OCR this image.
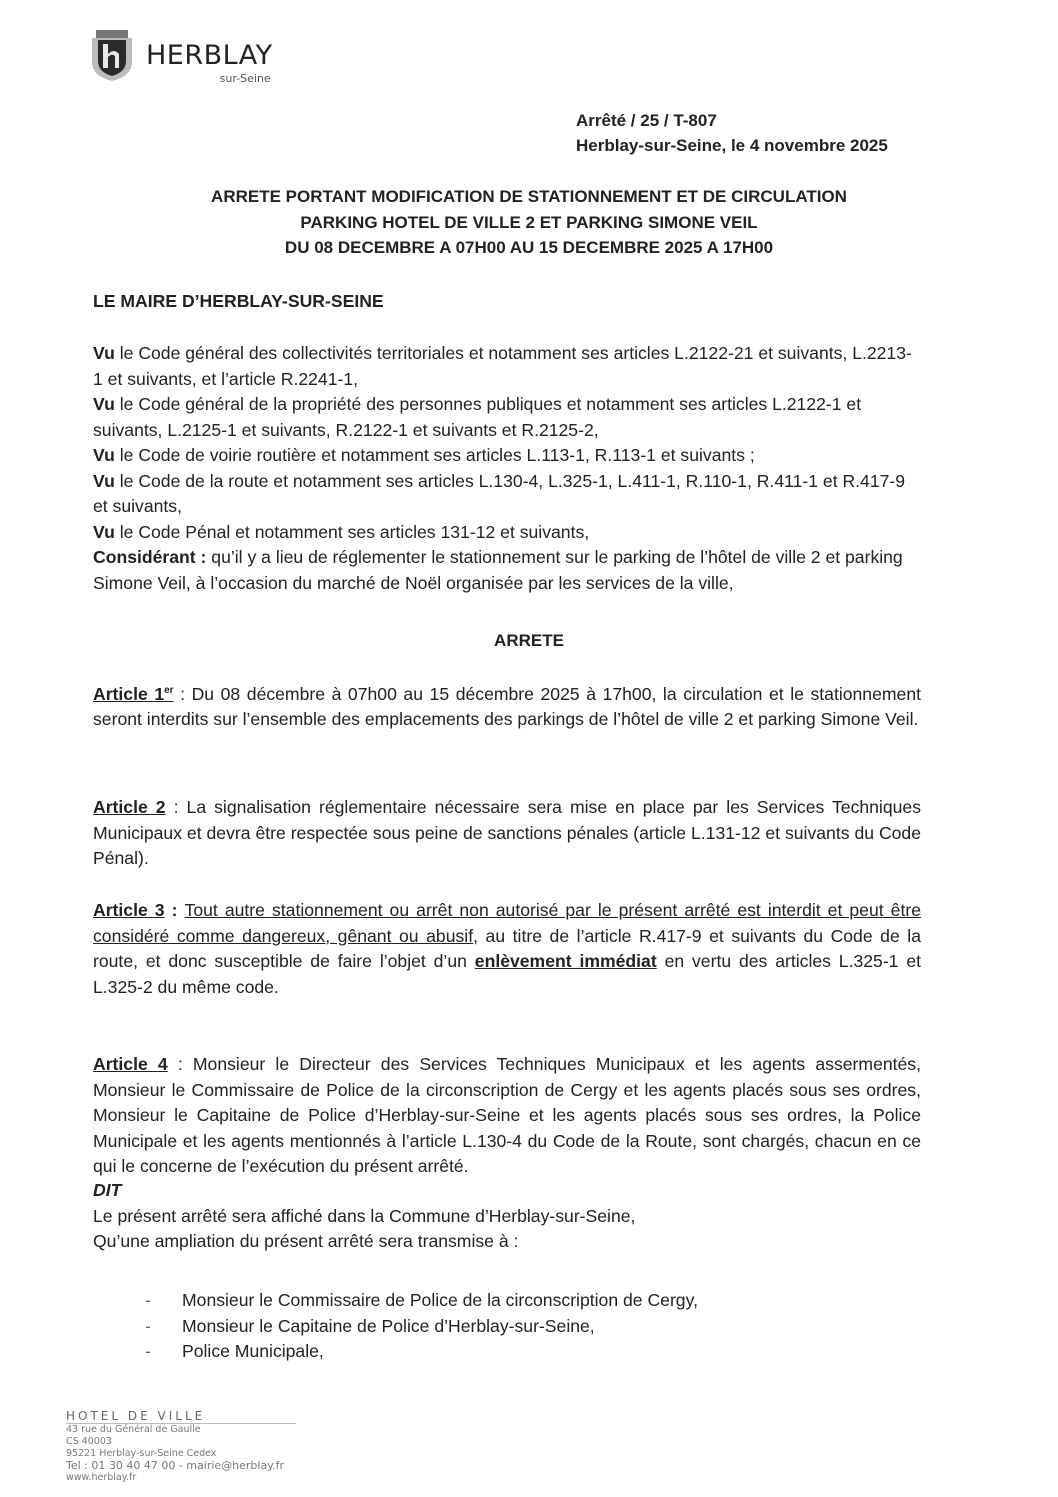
HERBLAY
sur-Seine
Arrêté / 25 / T-807
Herblay-sur-Seine, le 4 novembre 2025
ARRETE PORTANT MODIFICATION DE STATIONNEMENT ET DE CIRCULATION
PARKING HOTEL DE VILLE 2 ET PARKING SIMONE VEIL
DU 08 DECEMBRE A 07H00 AU 15 DECEMBRE 2025 A 17H00
LE MAIRE D’HERBLAY-SUR-SEINE

Vu le Code général des collectivités territoriales et notamment ses articles L.2122-21 et suivants, L.2213-1 et suivants, et l’article R.2241-1,

Vu le Code général de la propriété des personnes publiques et notamment ses articles L.2122-1 et suivants, L.2125-1 et suivants, R.2122-1 et suivants et R.2125-2,

Vu le Code de voirie routière et notamment ses articles L.113-1, R.113-1 et suivants ;

Vu le Code de la route et notamment ses articles L.130-4, L.325-1, L.411-1, R.110-1, R.411-1 et R.417-9 et suivants,

Vu le Code Pénal et notamment ses articles 131-12 et suivants,

Considérant : qu’il y a lieu de réglementer le stationnement sur le parking de l’hôtel de ville 2 et parking Simone Veil, à l’occasion du marché de Noël organisée par les services de la ville,

ARRETE
Article 1er : Du 08 décembre à 07h00 au 15 décembre 2025 à 17h00, la circulation et le stationnement seront interdits sur l’ensemble des emplacements des parkings de l’hôtel de ville 2 et parking Simone Veil.
Article 2 : La signalisation réglementaire nécessaire sera mise en place par les Services Techniques Municipaux et devra être respectée sous peine de sanctions pénales (article L.131-12 et suivants du Code Pénal).
Article 3 : Tout autre stationnement ou arrêt non autorisé par le présent arrêté est interdit et peut être considéré comme dangereux, gênant ou abusif, au titre de l’article R.417-9 et suivants du Code de la route, et donc susceptible de faire l’objet d’un enlèvement immédiat en vertu des articles L.325-1 et L.325-2 du même code.
Article 4 : Monsieur le Directeur des Services Techniques Municipaux et les agents assermentés, Monsieur le Commissaire de Police de la circonscription de Cergy et les agents placés sous ses ordres, Monsieur le Capitaine de Police d’Herblay-sur-Seine et les agents placés sous ses ordres, la Police Municipale et les agents mentionnés à l’article L.130-4 du Code de la Route, sont chargés, chacun en ce qui le concerne de l’exécution du présent arrêté.

DIT

Le présent arrêté sera affiché dans la Commune d’Herblay-sur-Seine,

Qu’une ampliation du présent arrêté sera transmise à :

-	Monsieur le Commissaire de Police de la circonscription de Cergy,
-	Monsieur le Capitaine de Police d’Herblay-sur-Seine,
-	Police Municipale,
HOTEL DE VILLE
43 rue du Général de Gaulle
CS 40003
95221 Herblay-sur-Seine Cedex
Tel : 01 30 40 47 00 - mairie@herblay.fr
www.herblay.fr
